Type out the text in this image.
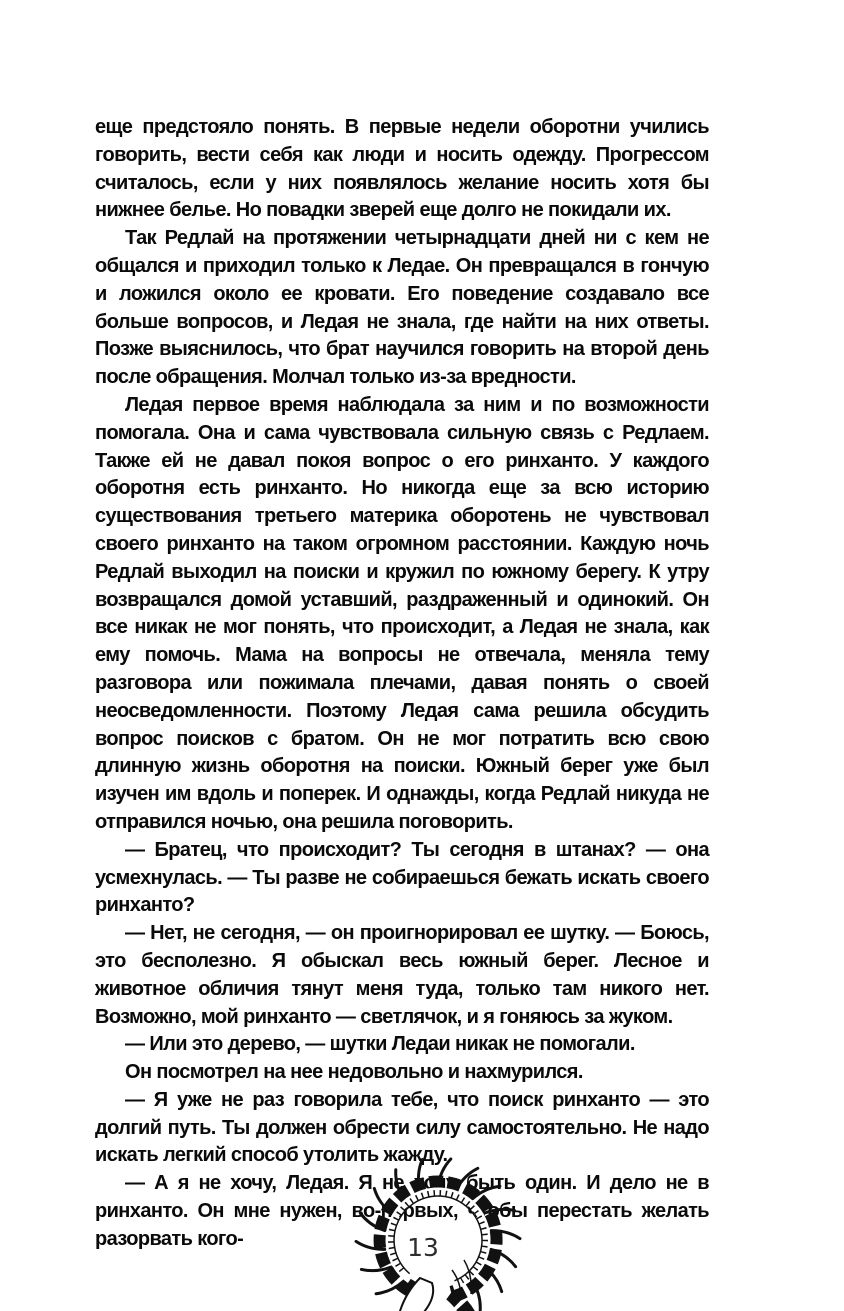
еще предстояло понять. В первые недели оборотни учились говорить, вести себя как люди и носить одежду. Прогрессом считалось, если у них появлялось желание носить хотя бы нижнее белье. Но повадки зверей еще долго не покидали их.

Так Редлай на протяжении четырнадцати дней ни с кем не общался и приходил только к Ледае. Он превращался в гончую и ложился около ее кровати. Его поведение создавало все больше вопросов, и Ледая не знала, где найти на них ответы. Позже выяснилось, что брат научился говорить на второй день после обращения. Молчал только из-за вредности.

Ледая первое время наблюдала за ним и по возможности помогала. Она и сама чувствовала сильную связь с Редлаем. Также ей не давал покоя вопрос о его ринханто. У каждого оборотня есть ринханто. Но никогда еще за всю историю существования третьего материка оборотень не чувствовал своего ринханто на таком огромном расстоянии. Каждую ночь Редлай выходил на поиски и кружил по южному берегу. К утру возвращался домой уставший, раздраженный и одинокий. Он все никак не мог понять, что происходит, а Ледая не знала, как ему помочь. Мама на вопросы не отвечала, меняла тему разговора или пожимала плечами, давая понять о своей неосведомленности. Поэтому Ледая сама решила обсудить вопрос поисков с братом. Он не мог потратить всю свою длинную жизнь оборотня на поиски. Южный берег уже был изучен им вдоль и поперек. И однажды, когда Редлай никуда не отправился ночью, она решила поговорить.

— Братец, что происходит? Ты сегодня в штанах? — она усмехнулась. — Ты разве не собираешься бежать искать своего ринханто?

— Нет, не сегодня, — он проигнорировал ее шутку. — Боюсь, это бесполезно. Я обыскал весь южный берег. Лесное и животное обличия тянут меня туда, только там никого нет. Возможно, мой ринханто — светлячок, и я гоняюсь за жуком.

— Или это дерево, — шутки Ледаи никак не помогали.

Он посмотрел на нее недовольно и нахмурился.

— Я уже не раз говорила тебе, что поиск ринханто — это долгий путь. Ты должен обрести силу самостоятельно. Не надо искать легкий способ утолить жажду.

— А я не хочу, Ледая. Я не хочу быть один. И дело не в ринханто. Он мне нужен, во-первых, чтобы перестать желать разорвать кого-	13
